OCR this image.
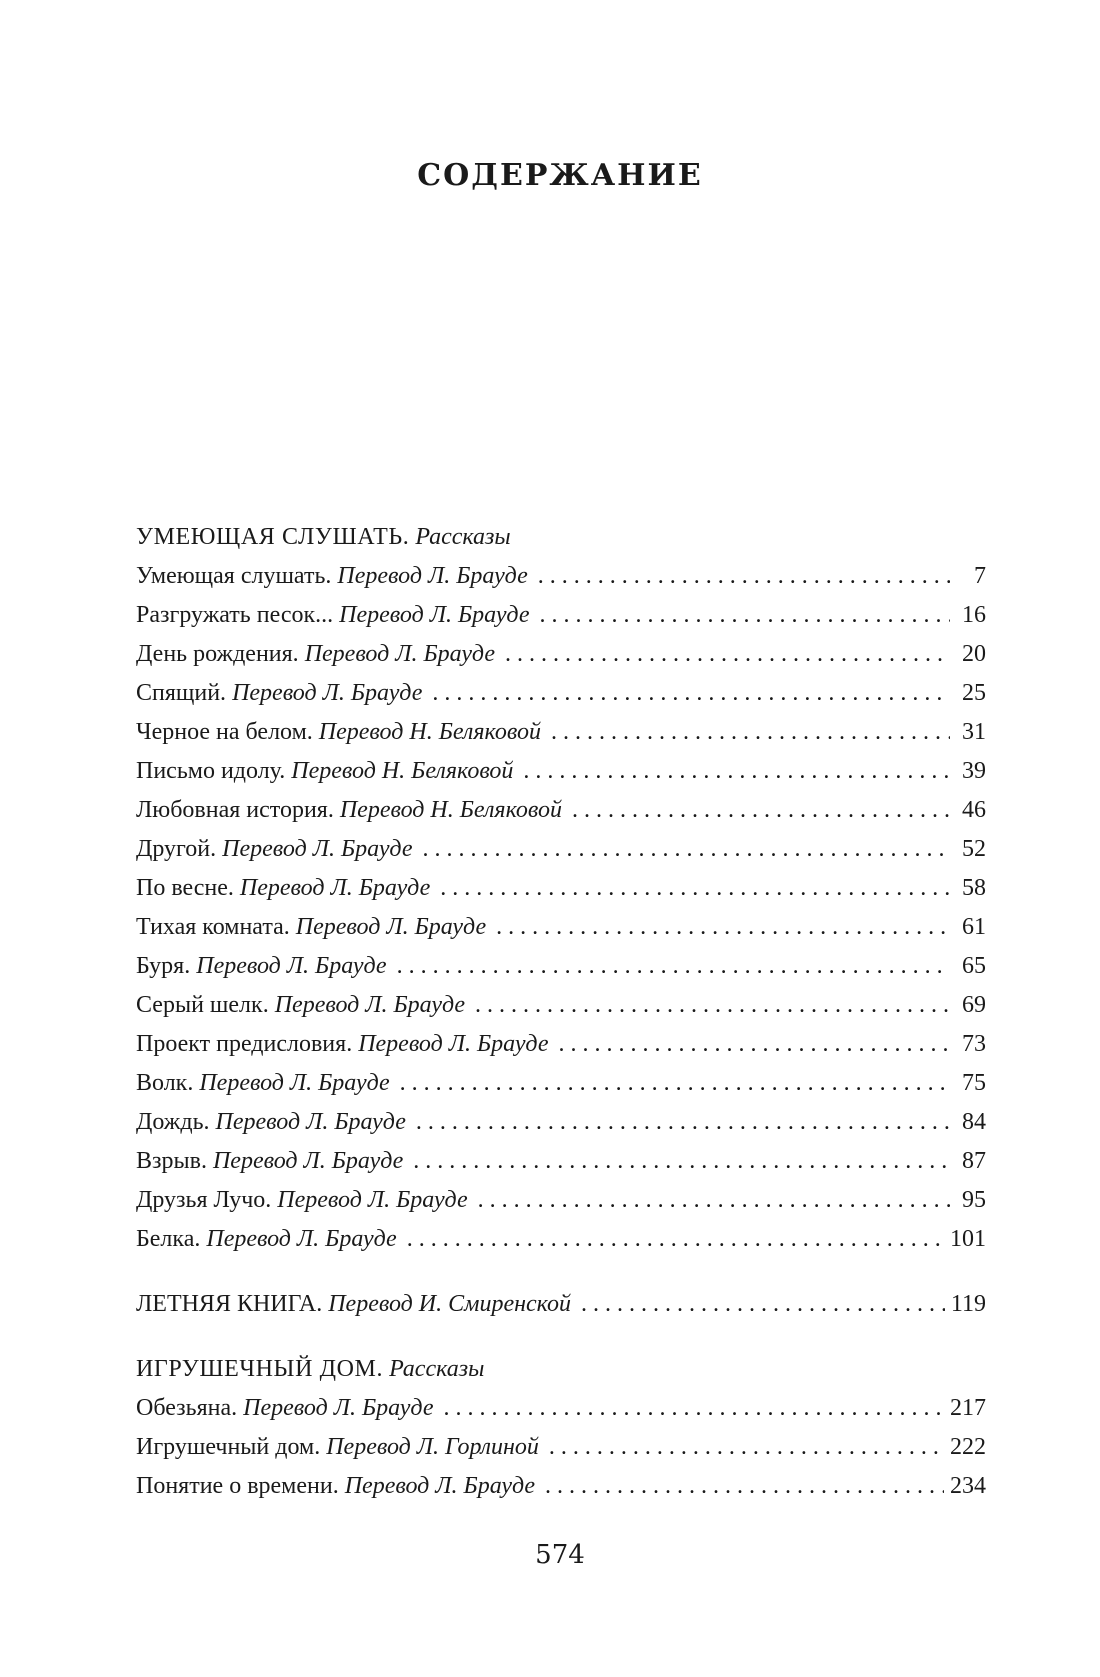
СОДЕРЖАНИЕ
УМЕЮЩАЯ СЛУШАТЬ.
Рассказы
Умеющая слушать. Перевод Л. Брауде . . .	7
Разгружать песок... Перевод Л. Брауде . . .	16
День рождения. Перевод Л. Брауде . . .	20
Спящий. Перевод Л. Брауде . . .	25
Черное на белом. Перевод Н. Беляковой . . .	31
Письмо идолу. Перевод Н. Беляковой . . .	39
Любовная история. Перевод Н. Беляковой . . .	46
Другой. Перевод Л. Брауде . . .	52
По весне. Перевод Л. Брауде . . .	58
Тихая комната. Перевод Л. Брауде . . .	61
Буря. Перевод Л. Брауде . . .	65
Серый шелк. Перевод Л. Брауде . . .	69
Проект предисловия. Перевод Л. Брауде . . .	73
Волк. Перевод Л. Брауде . . .	75
Дождь. Перевод Л. Брауде . . .	84
Взрыв. Перевод Л. Брауде . . .	87
Друзья Лучо. Перевод Л. Брауде . . .	95
Белка. Перевод Л. Брауде . . .	101
ЛЕТНЯЯ КНИГА. Перевод И. Смиренской . . .	119
ИГРУШЕЧНЫЙ ДОМ.
Рассказы
Обезьяна. Перевод Л. Брауде . . .	217
Игрушечный дом. Перевод Л. Горлиной . . .	222
Понятие о времени. Перевод Л. Брауде . . .	234
574
